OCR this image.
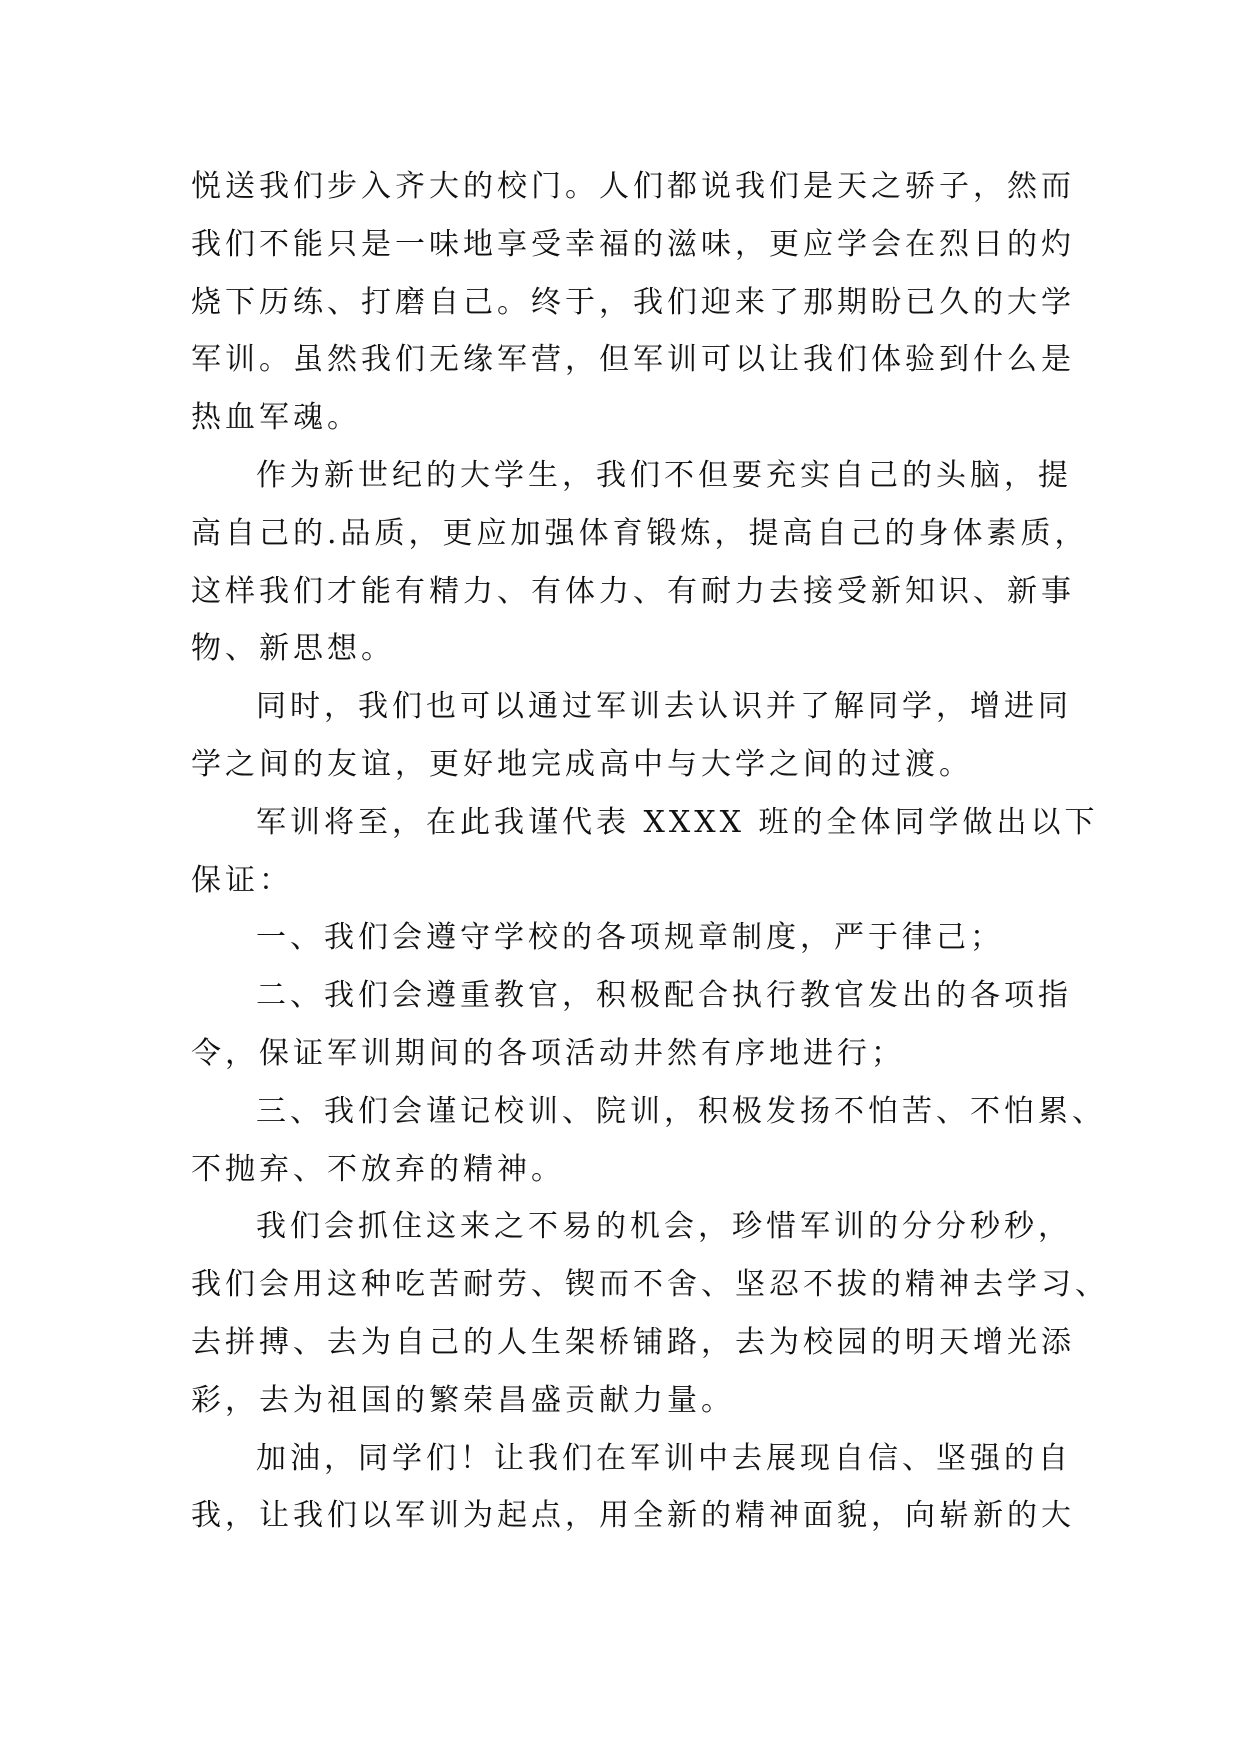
悦送我们步入齐大的校门。人们都说我们是天之骄子，然而
我们不能只是一味地享受幸福的滋味，更应学会在烈日的灼
烧下历练、打磨自己。终于，我们迎来了那期盼已久的大学
军训。虽然我们无缘军营，但军训可以让我们体验到什么是
热血军魂。
作为新世纪的大学生，我们不但要充实自己的头脑，提
高自己的.品质，更应加强体育锻炼，提高自己的身体素质，
这样我们才能有精力、有体力、有耐力去接受新知识、新事
物、新思想。
同时，我们也可以通过军训去认识并了解同学，增进同
学之间的友谊，更好地完成高中与大学之间的过渡。
军训将至，在此我谨代表 XXXX 班的全体同学做出以下
保证：
一、我们会遵守学校的各项规章制度，严于律己；
二、我们会遵重教官，积极配合执行教官发出的各项指
令，保证军训期间的各项活动井然有序地进行；
三、我们会谨记校训、院训，积极发扬不怕苦、不怕累、
不抛弃、不放弃的精神。
我们会抓住这来之不易的机会，珍惜军训的分分秒秒，
我们会用这种吃苦耐劳、锲而不舍、坚忍不拔的精神去学习、
去拼搏、去为自己的人生架桥铺路，去为校园的明天增光添
彩，去为祖国的繁荣昌盛贡献力量。
加油，同学们！让我们在军训中去展现自信、坚强的自
我，让我们以军训为起点，用全新的精神面貌，向崭新的大
